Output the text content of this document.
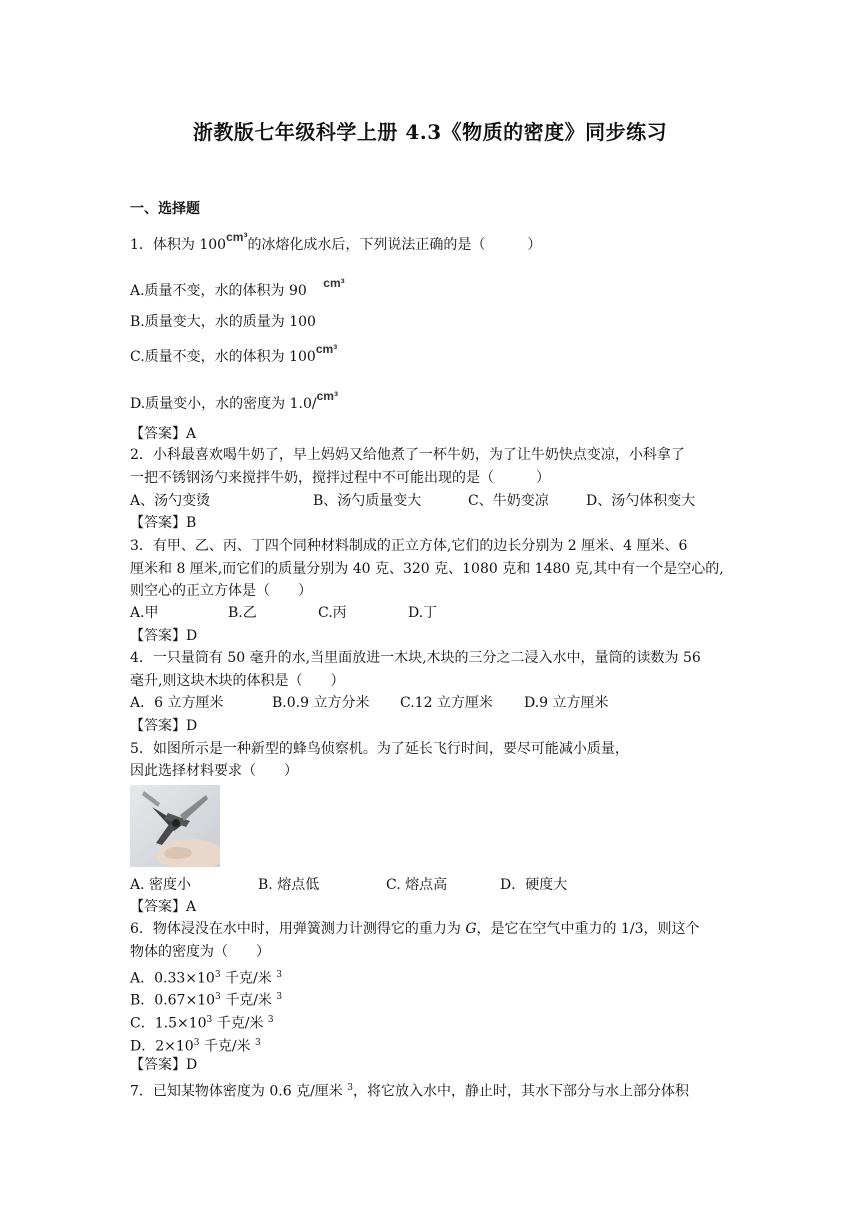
浙教版七年级科学上册 4.3《物质的密度》同步练习
一、选择题
1．体积为 100cm³的冰熔化成水后，下列说法正确的是（　　　）
A.质量不变，水的体积为 90 cm³
B.质量变大，水的质量为 100
C.质量不变，水的体积为 100cm³
D.质量变小，水的密度为 1.0/cm³
【答案】A
2．小科最喜欢喝牛奶了，早上妈妈又给他煮了一杯牛奶，为了让牛奶快点变凉，小科拿了
一把不锈钢汤勺来搅拌牛奶，搅拌过程中不可能出现的是（　　　）
A、汤勺变烫	B、汤勺质量变大	C、牛奶变凉	D、汤勺体积变大
【答案】B
3．有甲、乙、丙、丁四个同种材料制成的正立方体,它们的边长分别为 2 厘米、4 厘米、6
厘米和 8 厘米,而它们的质量分别为 40 克、320 克、1080 克和 1480 克,其中有一个是空心的,
则空心的正立方体是（　　）
A.甲	B.乙	C.丙	D.丁
【答案】D
4．一只量筒有 50 毫升的水,当里面放进一木块,木块的三分之二浸入水中，量筒的读数为 56
毫升,则这块木块的体积是（　　）
A．6 立方厘米	B.0.9 立方分米 C.12 立方厘米 D.9 立方厘米
【答案】D
5．如图所示是一种新型的蜂鸟侦察机。为了延长飞行时间，要尽可能减小质量，
因此选择材料要求（　　）
A. 密度小	B. 熔点低	C. 熔点高	D．硬度大
【答案】A
6．物体浸没在水中时，用弹簧测力计测得它的重力为 G，是它在空气中重力的 1/3，则这个
物体的密度为（　　）
A．$0.33\times 10^3$ 千克/米 $^3$
B．$0.67\times 10^3$ 千克/米 $^3$
C．$1.5\times 10^3$ 千克/米 $^3$
D．$2\times 10^3$ 千克/米 $^3$
【答案】D
7．已知某物体密度为 0.6 克/厘米 $^3$，将它放入水中，静止时，其水下部分与水上部分体积
